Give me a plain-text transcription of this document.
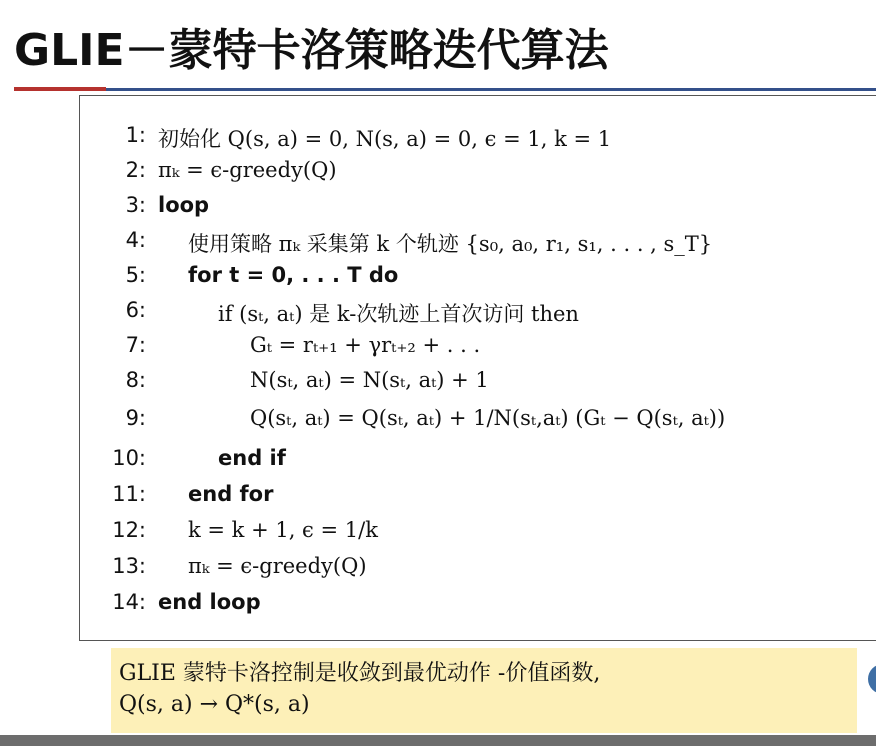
GLIE－蒙特卡洛策略迭代算法
1: 初始化 Q(s, a) = 0, N(s, a) = 0, ϵ = 1, k = 1
2: πₖ = ϵ-greedy(Q)
3: loop
4: 使用策略 πₖ 采集第 k 个轨迹 {s₀, a₀, r₁, s₁, . . . , s_T}
5: for t = 0, . . . T do
6:	if (sₜ, aₜ) 是 k-次轨迹上首次访问 then
7:	Gₜ = rₜ₊₁ + γrₜ₊₂ + . . .
8:	N(sₜ, aₜ) = N(sₜ, aₜ) + 1
9:	Q(sₜ, aₜ) = Q(sₜ, aₜ) + 1/N(sₜ,aₜ) (Gₜ − Q(sₜ, aₜ))
10:	end if
11: end for
12: k = k + 1, ϵ = 1/k
13: πₖ = ϵ-greedy(Q)
14: end loop
GLIE 蒙特卡洛控制是收敛到最优动作 -价值函数,
Q(s, a) → Q*(s, a)
